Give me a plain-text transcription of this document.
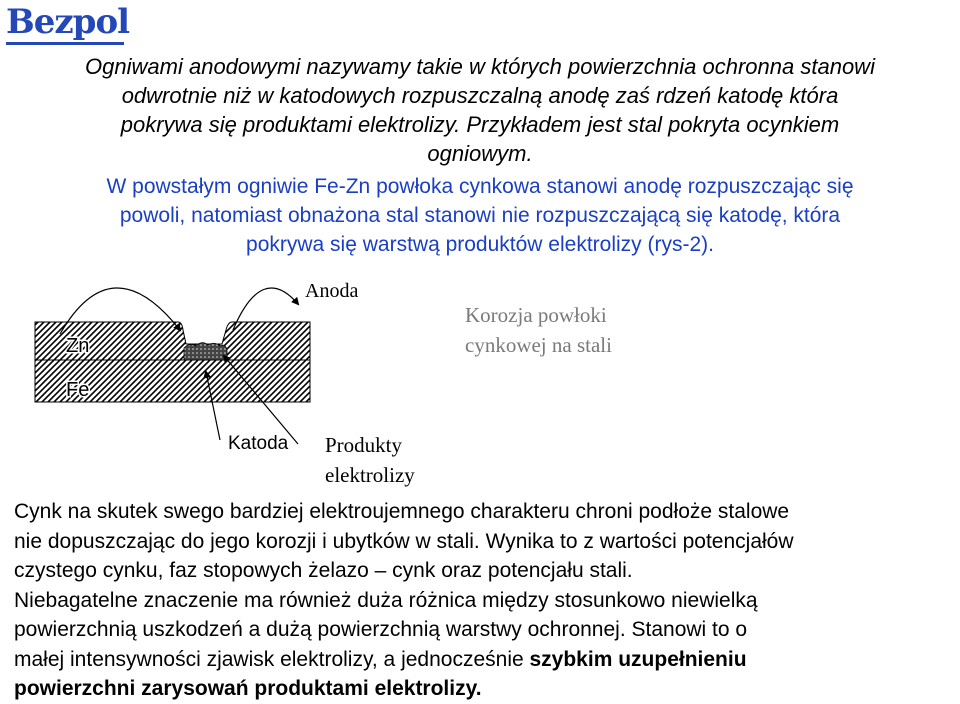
Bezpol
Ogniwami anodowymi nazywamy takie w których powierzchnia ochronna stanowi
odwrotnie niż w katodowych rozpuszczalną anodę zaś rdzeń katodę która
pokrywa się produktami elektrolizy. Przykładem jest stal pokryta ocynkiem
ogniowym.
W powstałym ogniwie Fe-Zn powłoka cynkowa stanowi anodę rozpuszczając się
powoli, natomiast obnażona stal stanowi nie rozpuszczającą się katodę, która
pokrywa się warstwą produktów elektrolizy (rys-2).
Zn
Fe
Anoda
Katoda Produkty
elektrolizy
Korozja powłoki
cynkowej na stali
Cynk na skutek swego bardziej elektroujemnego charakteru chroni podłoże stalowe
nie dopuszczając do jego korozji i ubytków w stali. Wynika to z wartości potencjałów
czystego cynku, faz stopowych żelazo – cynk oraz potencjału stali.
Niebagatelne znaczenie ma również duża różnica między stosunkowo niewielką
powierzchnią uszkodzeń a dużą powierzchnią warstwy ochronnej. Stanowi to o
małej intensywności zjawisk elektrolizy, a jednocześnie szybkim uzupełnieniu
powierzchni zarysowań produktami elektrolizy.
